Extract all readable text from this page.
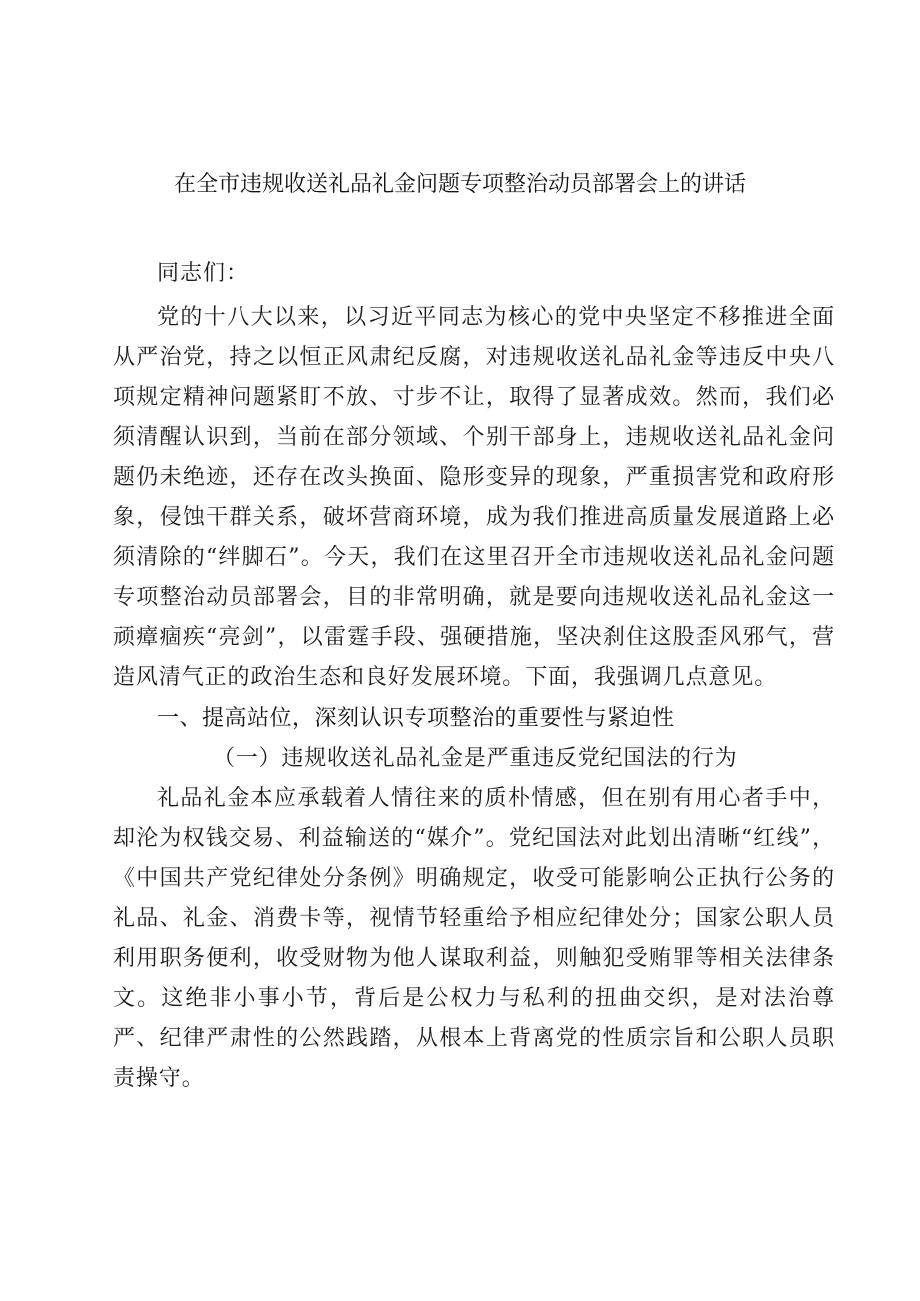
在全市违规收送礼品礼金问题专项整治动员部署会上的讲话

同志们：

党的十八大以来，以习近平同志为核心的党中央坚定不移推进全面从严治党，持之以恒正风肃纪反腐，对违规收送礼品礼金等违反中央八项规定精神问题紧盯不放、寸步不让，取得了显著成效。然而，我们必须清醒认识到，当前在部分领域、个别干部身上，违规收送礼品礼金问题仍未绝迹，还存在改头换面、隐形变异的现象，严重损害党和政府形象，侵蚀干群关系，破坏营商环境，成为我们推进高质量发展道路上必须清除的“绊脚石”。今天，我们在这里召开全市违规收送礼品礼金问题专项整治动员部署会，目的非常明确，就是要向违规收送礼品礼金这一顽瘴痼疾“亮剑”，以雷霆手段、强硬措施，坚决刹住这股歪风邪气，营造风清气正的政治生态和良好发展环境。下面，我强调几点意见。

一、提高站位，深刻认识专项整治的重要性与紧迫性

（一）违规收送礼品礼金是严重违反党纪国法的行为

礼品礼金本应承载着人情往来的质朴情感，但在别有用心者手中，却沦为权钱交易、利益输送的“媒介”。党纪国法对此划出清晰“红线”，《中国共产党纪律处分条例》明确规定，收受可能影响公正执行公务的礼品、礼金、消费卡等，视情节轻重给予相应纪律处分；国家公职人员利用职务便利，收受财物为他人谋取利益，则触犯受贿罪等相关法律条文。这绝非小事小节，背后是公权力与私利的扭曲交织，是对法治尊严、纪律严肃性的公然践踏，从根本上背离党的性质宗旨和公职人员职责操守。
